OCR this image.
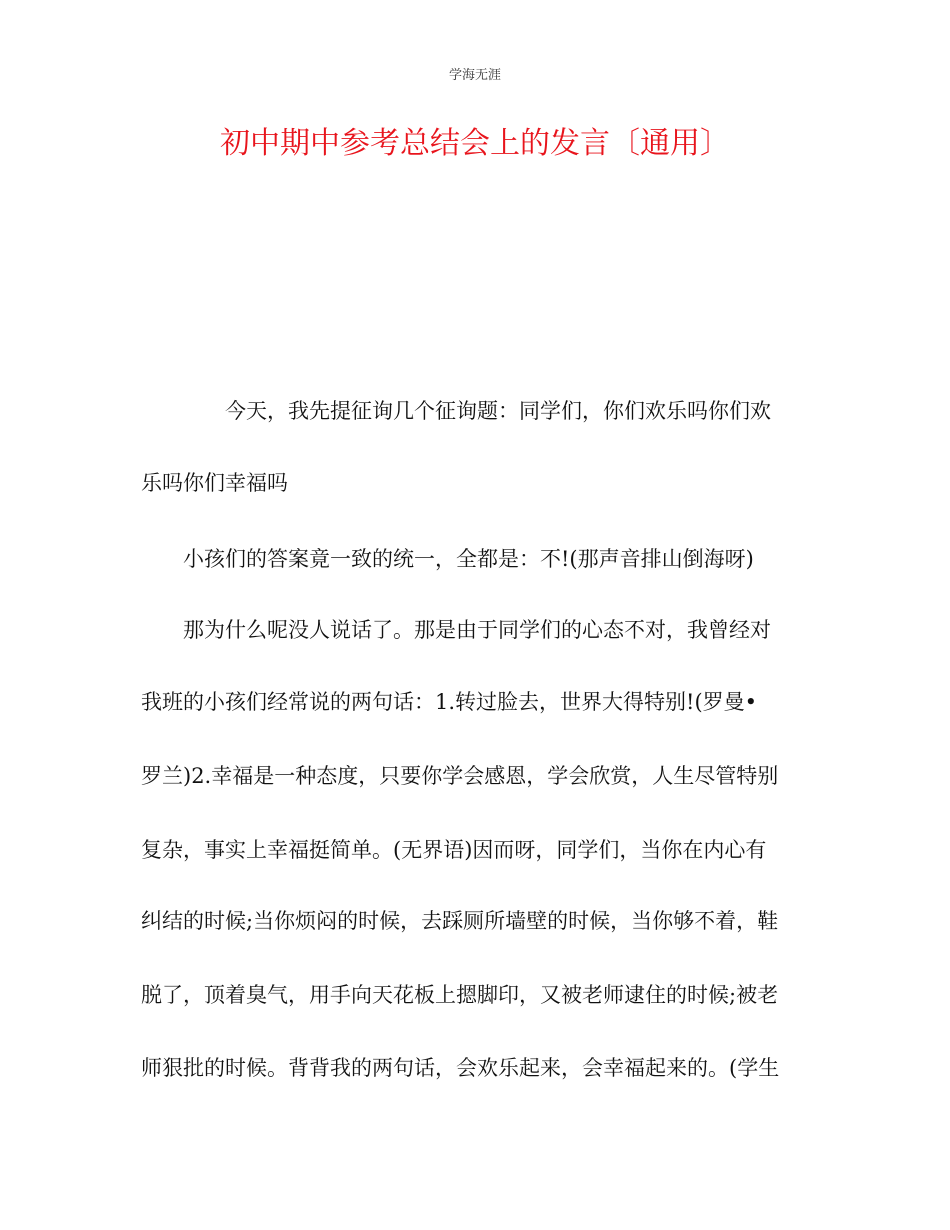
学海无涯
初中期中参考总结会上的发言〔通用〕
今天，我先提征询几个征询题：同学们，你们欢乐吗你们欢
乐吗你们幸福吗
小孩们的答案竟一致的统一，全都是：不!(那声音排山倒海呀)
那为什么呢没人说话了。那是由于同学们的心态不对，我曾经对
我班的小孩们经常说的两句话：1.转过脸去，世界大得特别!(罗曼•
罗兰)2.幸福是一种态度，只要你学会感恩，学会欣赏，人生尽管特别
复杂，事实上幸福挺简单。(无界语)因而呀，同学们，当你在内心有
纠结的时候;当你烦闷的时候，去踩厕所墙壁的时候，当你够不着，鞋
脱了，顶着臭气，用手向天花板上摁脚印，又被老师逮住的时候;被老
师狠批的时候。背背我的两句话，会欢乐起来，会幸福起来的。(学生
